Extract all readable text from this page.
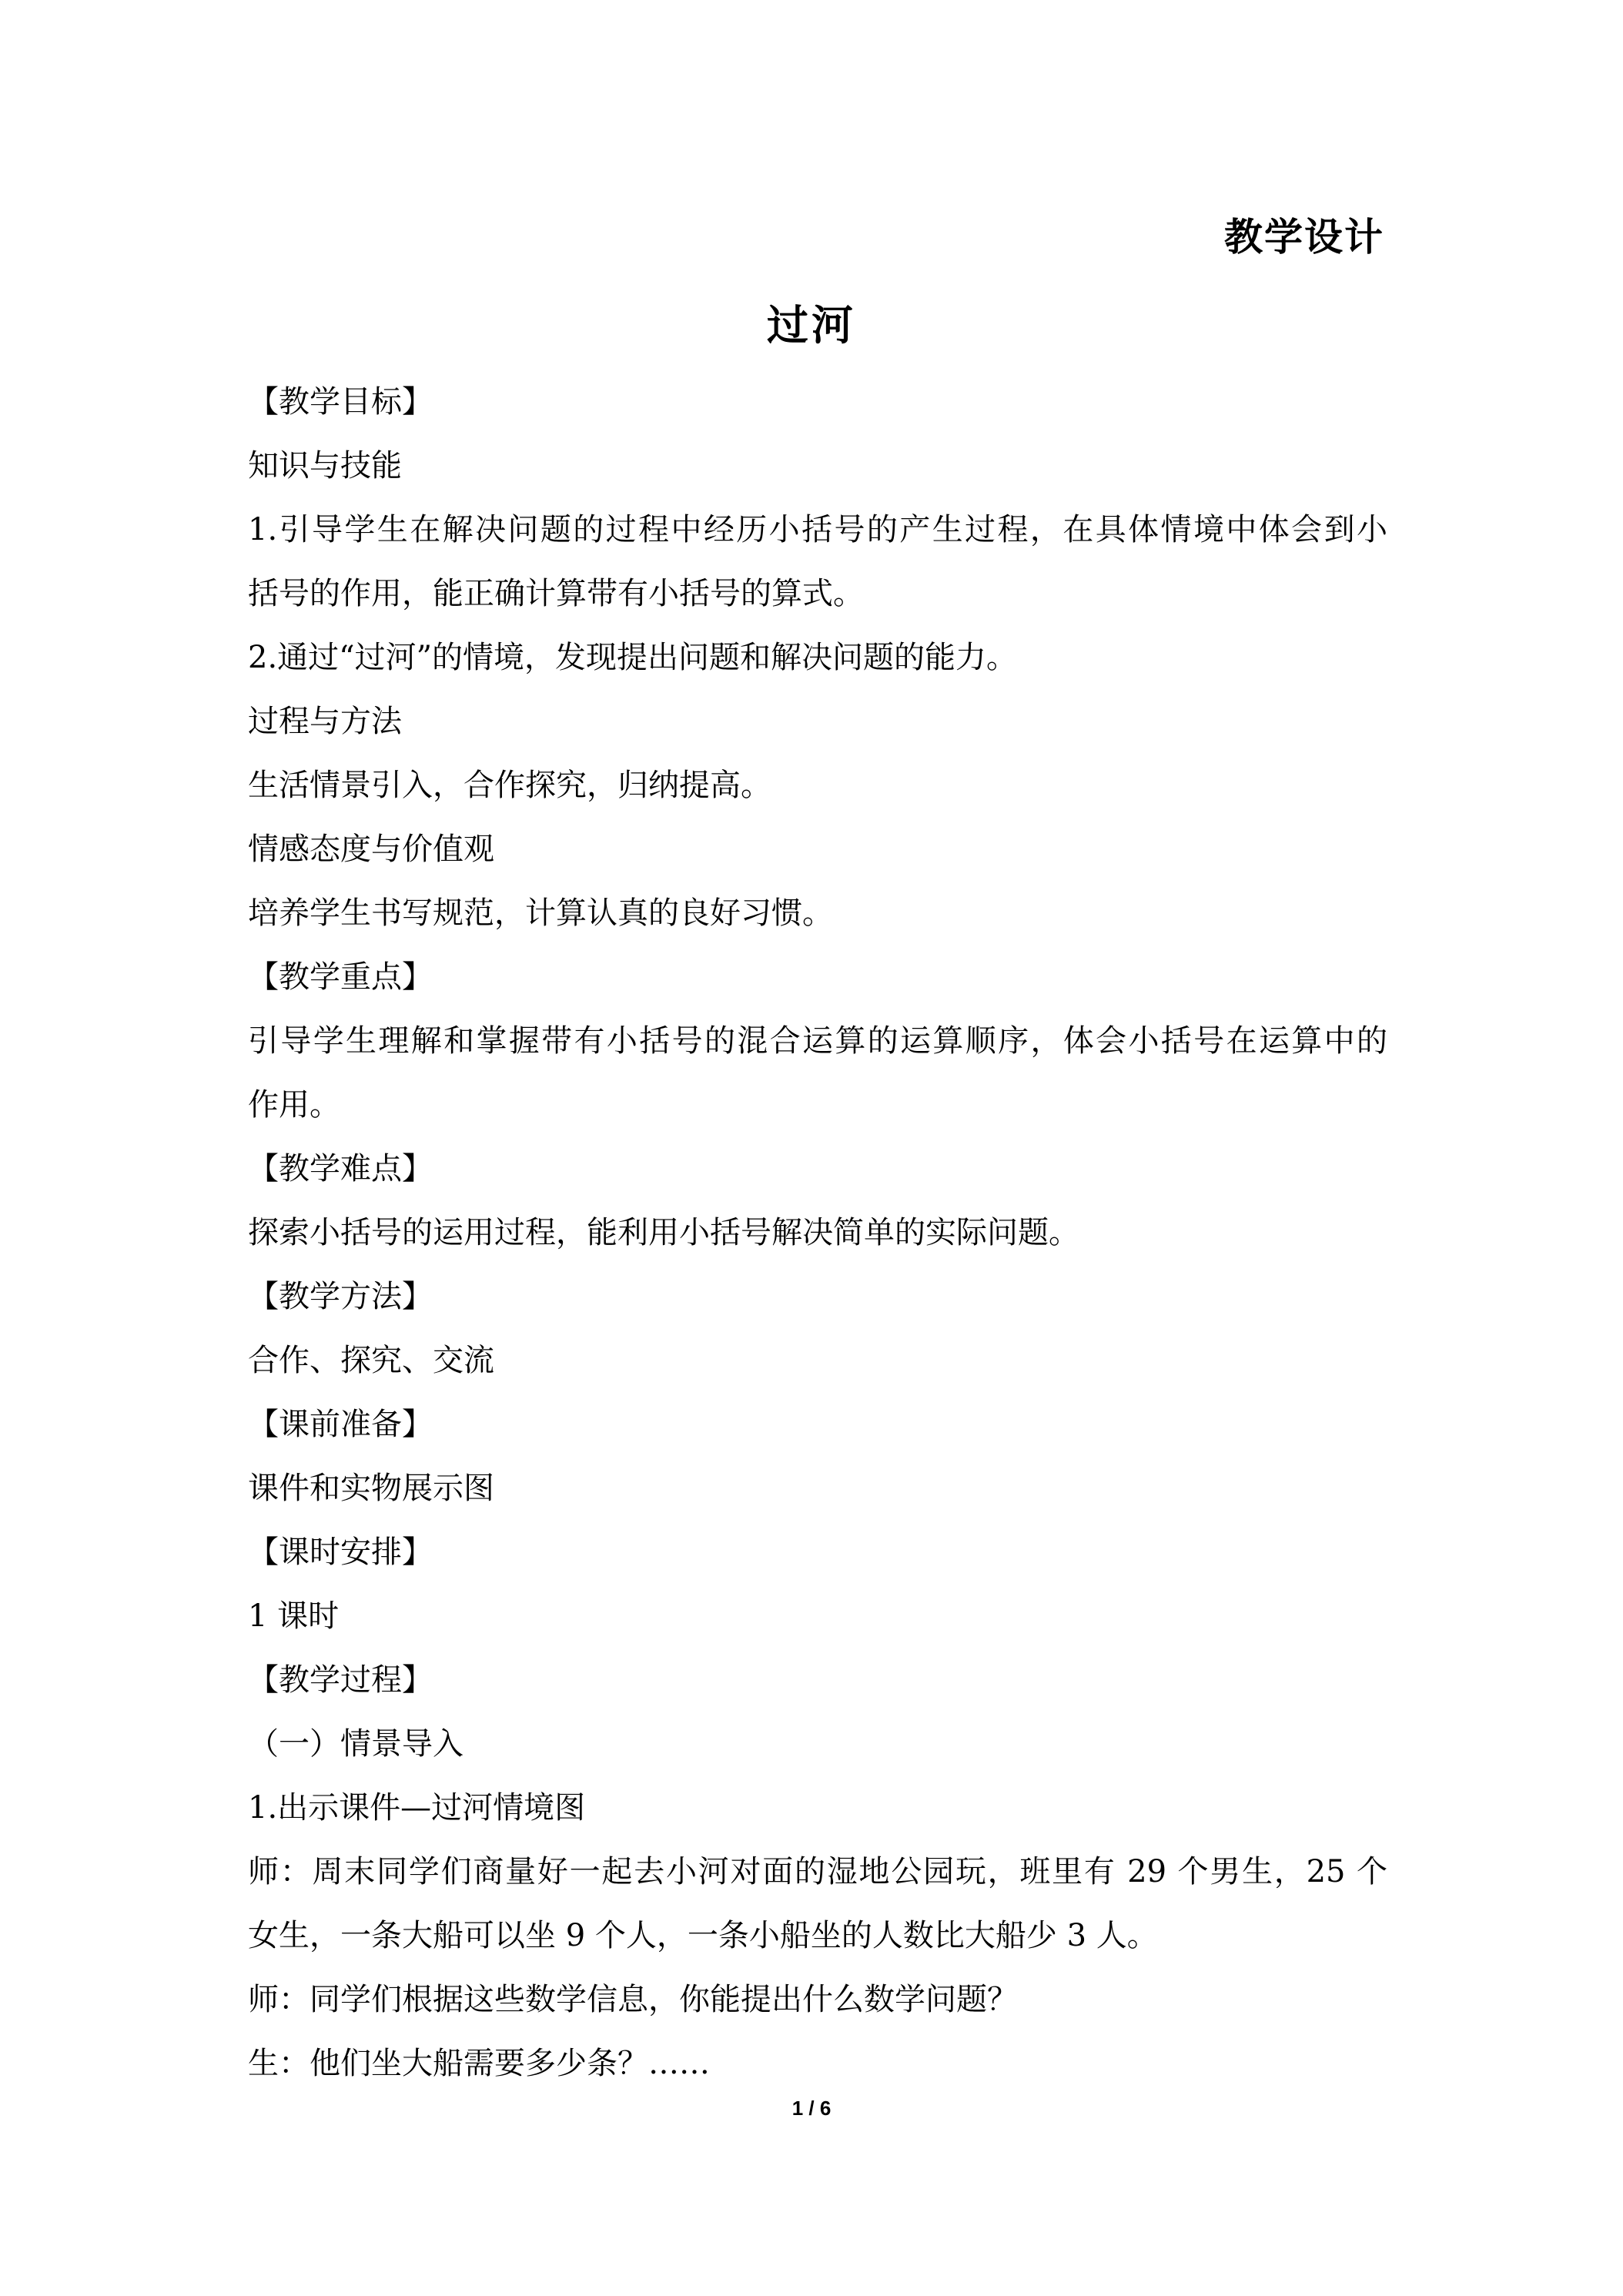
教学设计
过河

【教学目标】

知识与技能

1.引导学生在解决问题的过程中经历小括号的产生过程，在具体情境中体会到小

括号的作用，能正确计算带有小括号的算式。

2.通过“过河”的情境，发现提出问题和解决问题的能力。

过程与方法

生活情景引入，合作探究，归纳提高。

情感态度与价值观

培养学生书写规范，计算认真的良好习惯。

【教学重点】

引导学生理解和掌握带有小括号的混合运算的运算顺序，体会小括号在运算中的

作用。

【教学难点】

探索小括号的运用过程，能利用小括号解决简单的实际问题。

【教学方法】

合作、探究、交流

【课前准备】

课件和实物展示图

【课时安排】

1 课时

【教学过程】

（一）情景导入

1.出示课件—过河情境图

师：周末同学们商量好一起去小河对面的湿地公园玩，班里有 29 个男生，25 个

女生，一条大船可以坐 9 个人，一条小船坐的人数比大船少 3 人。

师：同学们根据这些数学信息，你能提出什么数学问题？

生：他们坐大船需要多少条？……

1 / 6
